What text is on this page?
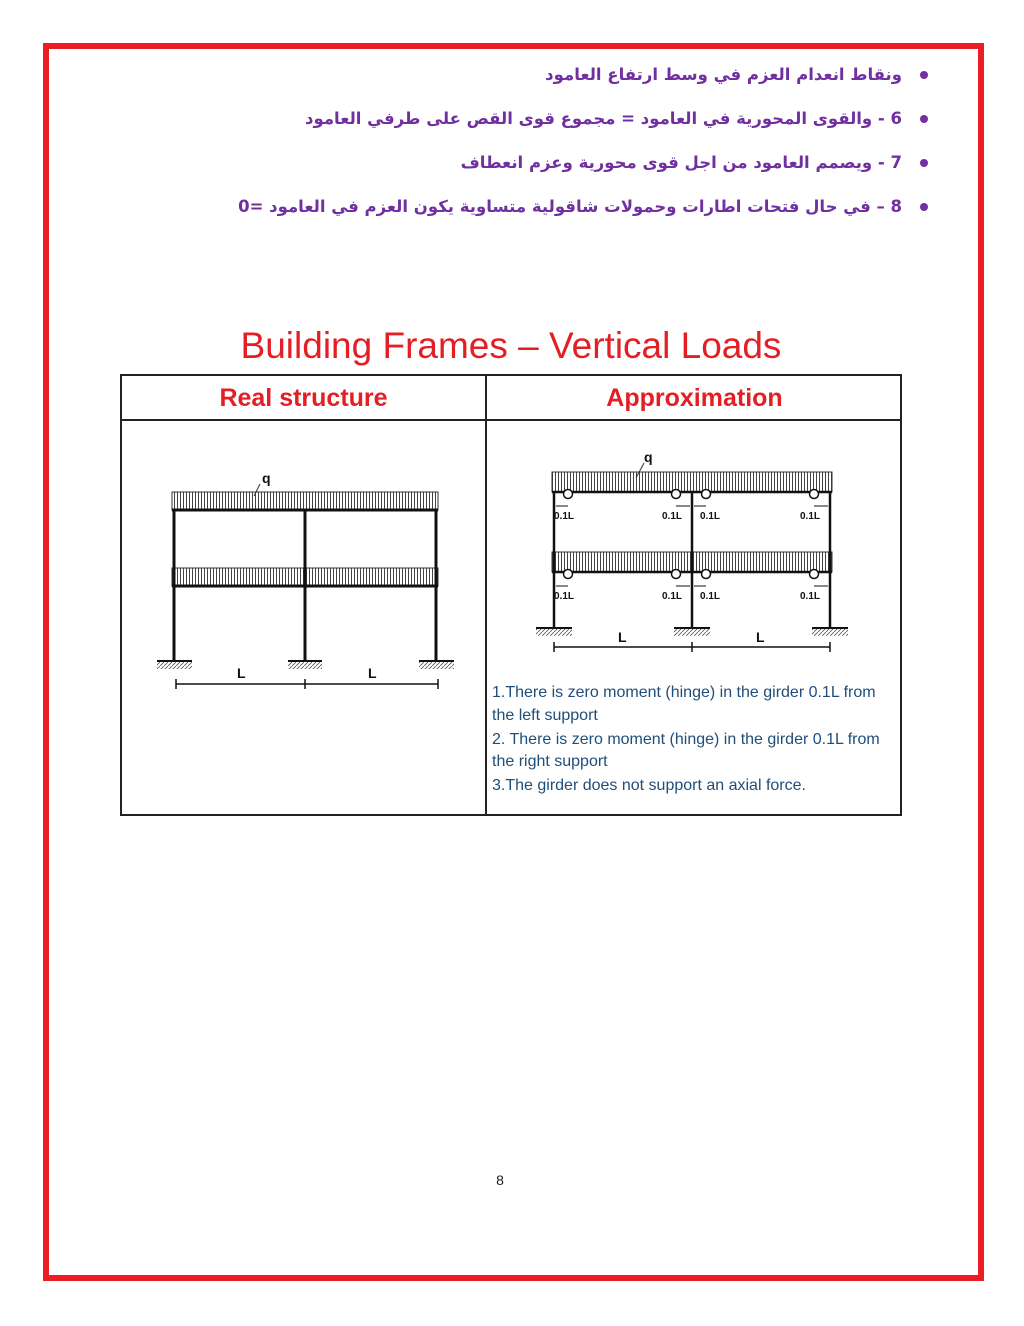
ونقاط انعدام العزم في وسط ارتفاع العامود
6 - والقوى المحورية في العامود = مجموع قوى القص على طرفي العامود
7 - ويصمم العامود من اجل قوى محورية وعزم انعطاف
8 – في حال فتحات اطارات وحمولات شاقولية متساوية يكون العزم في العامود =0
Building Frames – Vertical Loads
Real structure	Approximation
q
L	L
0.1L	0.1L 0.1L	0.1L
0.1L	0.1L 0.1L	0.1L
q
L	L

1.There is zero moment (hinge) in the girder 0.1L from the left support

2. There is zero moment (hinge) in the girder 0.1L from the right support

3.The girder does not support an axial force.

8
